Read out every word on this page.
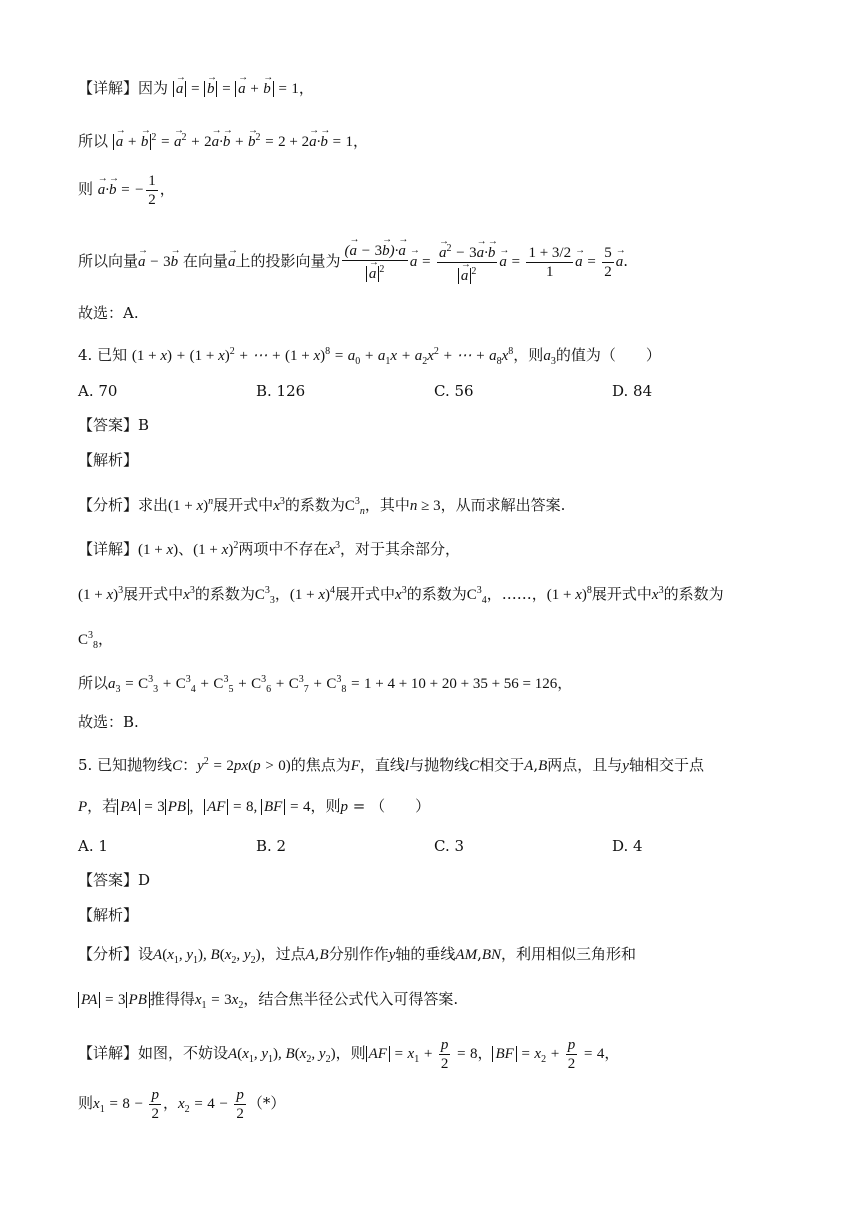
【详解】因为 → a = → b = → a + → b = 1，
所以 → a + → b $^2$ = → $a^2 + 2\to a\cdot\to b$ + → $b^2 = 2 + 2\to a\cdot\to b = 1$，
则 → a·→ b = − $\frac{1}{2}$ ，
所以向量→ a − 3→ b 在向量→ a上的投影向量为 (→ a − 3→ b)·→ a
→ a $^2$
→ a =
→ $a^2 - 3\to a\cdot\to b$
→ a $^2$
→ $a = \frac{1 + 3/2}{1}$
→ $a = \frac{5}{2}$
→ a.
故选：A.
4. 已知 $(1 + x) + (1 + x)^2$ + ⋯ + $(1 + x)^8 = a_0 + a_1x + a_2x^2$ + ⋯ + $a_8x^8$，则$a_3$的值为（　　）
A. 70	B. 126	C. 56	D. 84
【答案】B
【解析】
【分析】求出$(1 + x)^n$展开式中$x^3$的系数为$C^3_n$，其中n ≥ 3，从而求解出答案.
【详解】(1 + x)、$(1 + x)^2$两项中不存在$x^3$，对于其余部分，
$(1 + x)^3$展开式中$x^3$的系数为$C^3_3$，$(1 + x)^4$展开式中$x^3$的系数为$C^3_4$，……，$(1 + x)^8$展开式中$x^3$的系数为
$C^3_8$，
所以$a_3 = C^3_3 + C^3_4 + C^3_5 + C^3_6 + C^3_7 + C^3_8 = 1 + 4 + 10 + 20 + 35 + 56 = 126$，
故选：B.
5. 已知抛物线C：$y^2 = 2px(p > 0)$的焦点为F，直线l与抛物线C相交于A,B两点，且与y轴相交于点
P，若 PA = 3 PB ， AF = 8, BF = 4，则p = （　　）
A. 1	B. 2	C. 3	D. 4
【答案】D
【解析】
【分析】设$A(x_1$, $y_1$), $B(x_2$, $y_2$)，过点A,B分别作作y轴的垂线AM,BN，利用相似三角形和
PA = 3 PB 推得得$x_1 = 3x_2$，结合焦半径公式代入可得答案.
【详解】如图，不妨设$A(x_1$, $y_1$), $B(x_2$, $y_2$)，则 AF = $x_1 + \frac{p}{2} = 8$， BF = $x_2 + \frac{p}{2} = 4$，
则$x_1 = 8 - \frac{p}{2}$ ，$x_2 = 4 - \frac{p}{2}$ （*）
